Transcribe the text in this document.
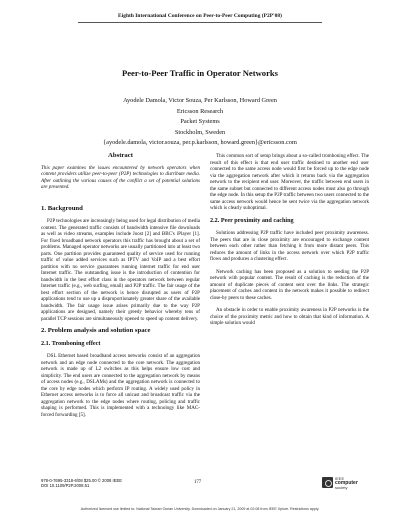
Eighth International Conference on Peer-to-Peer Computing (P2P'08)
Peer-to-Peer Traffic in Operator Networks
Ayodele Damola, Victor Souza, Per Karlsson, Howard Green
Ericsson Research
Packet Systems
Stockholm, Sweden
{ayodele.damola, victor.souza, per.p.karlsson, howard.green}@ericsson.com
Abstract
This paper examines the issues encountered by network operators when content providers utilize peer-to-peer (P2P) technologies to distribute media. After outlining the various causes of the conflict a set of potential solutions are presented.
1. Background

P2P technologies are increasingly being used for legal distribution of media content. The generated traffic consists of bandwidth intensive file downloads as well as video streams, examples include Joost [2] and BBC's iPlayer [1]. For fixed broadband network operators this traffic has brought about a set of problems. Managed operator networks are usually partitioned into at least two parts. One partition provides guaranteed quality of service used for running traffic of value added services such as IPTV and VoIP and a best effort partition with no service guarantees running internet traffic for end user Internet traffic. The outstanding issue is the introduction of contention for bandwidth in the best effort class in the operators network between regular Internet traffic (e.g., web surfing, email) and P2P traffic. The fair usage of the best effort section of the network is hence disrupted as users of P2P applications tend to use up a disproportionately greater share of the available bandwidth. The fair usage issue arises primarily due to the way P2P applications are designed, namely their greedy behavior whereby tens of parallel TCP sessions are simultaneously opened to speed up content delivery.

2. Problem analysis and solution space
2.1. Tromboning effect

DSL Ethernet based broadband access networks consist of an aggregation network and an edge node connected to the core network. The aggregation network is made up of L2 switches as this helps ensure low cost and simplicity. The end users are connected to the aggregation network by means of access nodes (e.g., DSLAMs) and the aggregation network is connected to the core by edge nodes which perform IP routing. A widely used policy in Ethernet access networks is to force all unicast and broadcast traffic via the aggregation network to the edge nodes where routing, policing and traffic shaping is performed. This is implemented with a technology like MAC-forced forwarding [5].

This common sort of setup brings about a so-called tromboning effect. The result of this effect is that end user traffic destined to another end user connected to the same access node would first be forced up to the edge node via the aggregation network after which it returns back via the aggregation network to the recipient end user. Moreover, the traffic between end users in the same subnet but connected to different access nodes must also go through the edge node. In this setup the P2P traffic between two users connected to the same access network would hence be sent twice via the aggregation network which is clearly suboptimal.

2.2. Peer proximity and caching

Solutions addressing P2P traffic have included peer proximity awareness. The peers that are in close proximity are encouraged to exchange content between each other rather than fetching it from more distant peers. This reduces the amount of links in the access network over which P2P traffic flows and produces a clustering effect.

Network caching has been proposed as a solution to seeding the P2P network with popular content. The result of caching is the reduction of the amount of duplicate pieces of content sent over the links. The strategic placement of caches and content in the network makes it possible to redirect close-by peers to these caches.

An obstacle in order to enable proximity awareness in P2P networks is the choice of the proximity metric and how to obtain that kind of information. A simple solution would

978-0-7695-3318-6/08 $25.00 © 2008 IEEE
DOI 10.1109/P2P.2008.51
177
IEEE
computer
society
Authorized licensed use limited to: National Taiwan Ocean University. Downloaded on January 21, 2009 at 02:08 from IEEE Xplore. Restrictions apply.
